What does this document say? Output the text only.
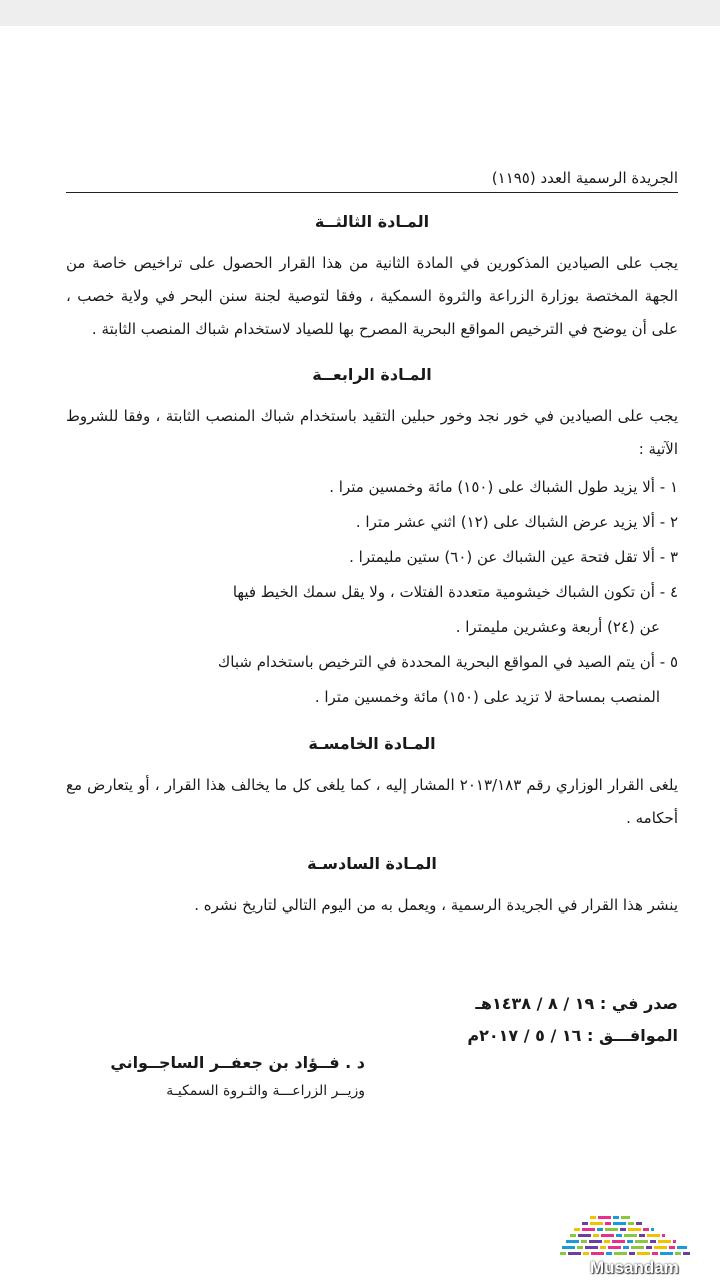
الجريدة الرسمية العدد (١١٩٥)
المـادة الثالثــة

يجب على الصيادين المذكورين في المادة الثانية من هذا القرار الحصول على تراخيص خاصة من الجهة المختصة بوزارة الزراعة والثروة السمكية ، وفقا لتوصية لجنة سنن البحر في ولاية خصب ، على أن يوضح في الترخيص المواقع البحرية المصرح بها للصياد لاستخدام شباك المنصب الثابتة .

المـادة الرابعــة

يجب على الصيادين في خور نجد وخور حبلين التقيد باستخدام شباك المنصب الثابتة ، وفقا للشروط الآتية :

١ - ألا يزيد طول الشباك على (١٥٠) مائة وخمسين مترا .
٢ - ألا يزيد عرض الشباك على (١٢) اثني عشر مترا .
٣ - ألا تقل فتحة عين الشباك عن (٦٠) ستين مليمترا .
٤ - أن تكون الشباك خيشومية متعددة الفتلات ، ولا يقل سمك الخيط فيها
عن (٢٤) أربعة وعشرين مليمترا .
٥ - أن يتم الصيد في المواقع البحرية المحددة في الترخيص باستخدام شباك
المنصب بمساحة لا تزيد على (١٥٠) مائة وخمسين مترا .
المـادة الخامسـة

يلغى القرار الوزاري رقم ٢٠١٣/١٨٣ المشار إليه ، كما يلغى كل ما يخالف هذا القرار ، أو يتعارض مع أحكامه .

المـادة السادسـة

ينشر هذا القرار في الجريدة الرسمية ، ويعمل به من اليوم التالي لتاريخ نشره .

صدر في : ١٩ / ٨ / ١٤٣٨هـ
الموافـــق : ١٦ / ٥ / ٢٠١٧م
د . فــؤاد بن جعفــر الساجــواني
وزيــر الزراعـــة والثـروة السمكيـة
Musandam
